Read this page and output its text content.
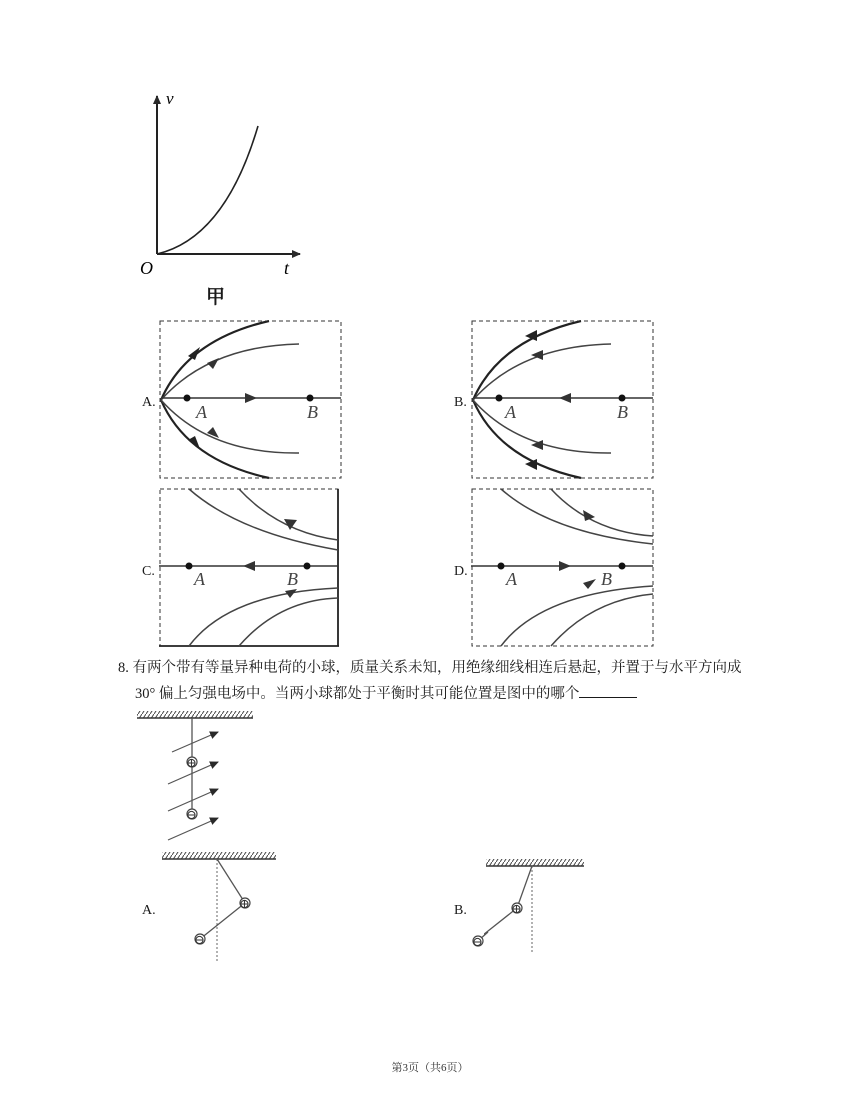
v
t
O
甲
A. A	B	B. A	B
C. A	B	D. A	B
8. 有两个带有等量异种电荷的小球，质量关系未知，用绝缘细线相连后悬起，并置于与水平方向成
30° 偏上匀强电场中。当两小球都处于平衡时其可能位置是图中的哪个
⊕
⊖
A.	⊕
⊖
B.	⊕
⊖
第3页（共6页）
